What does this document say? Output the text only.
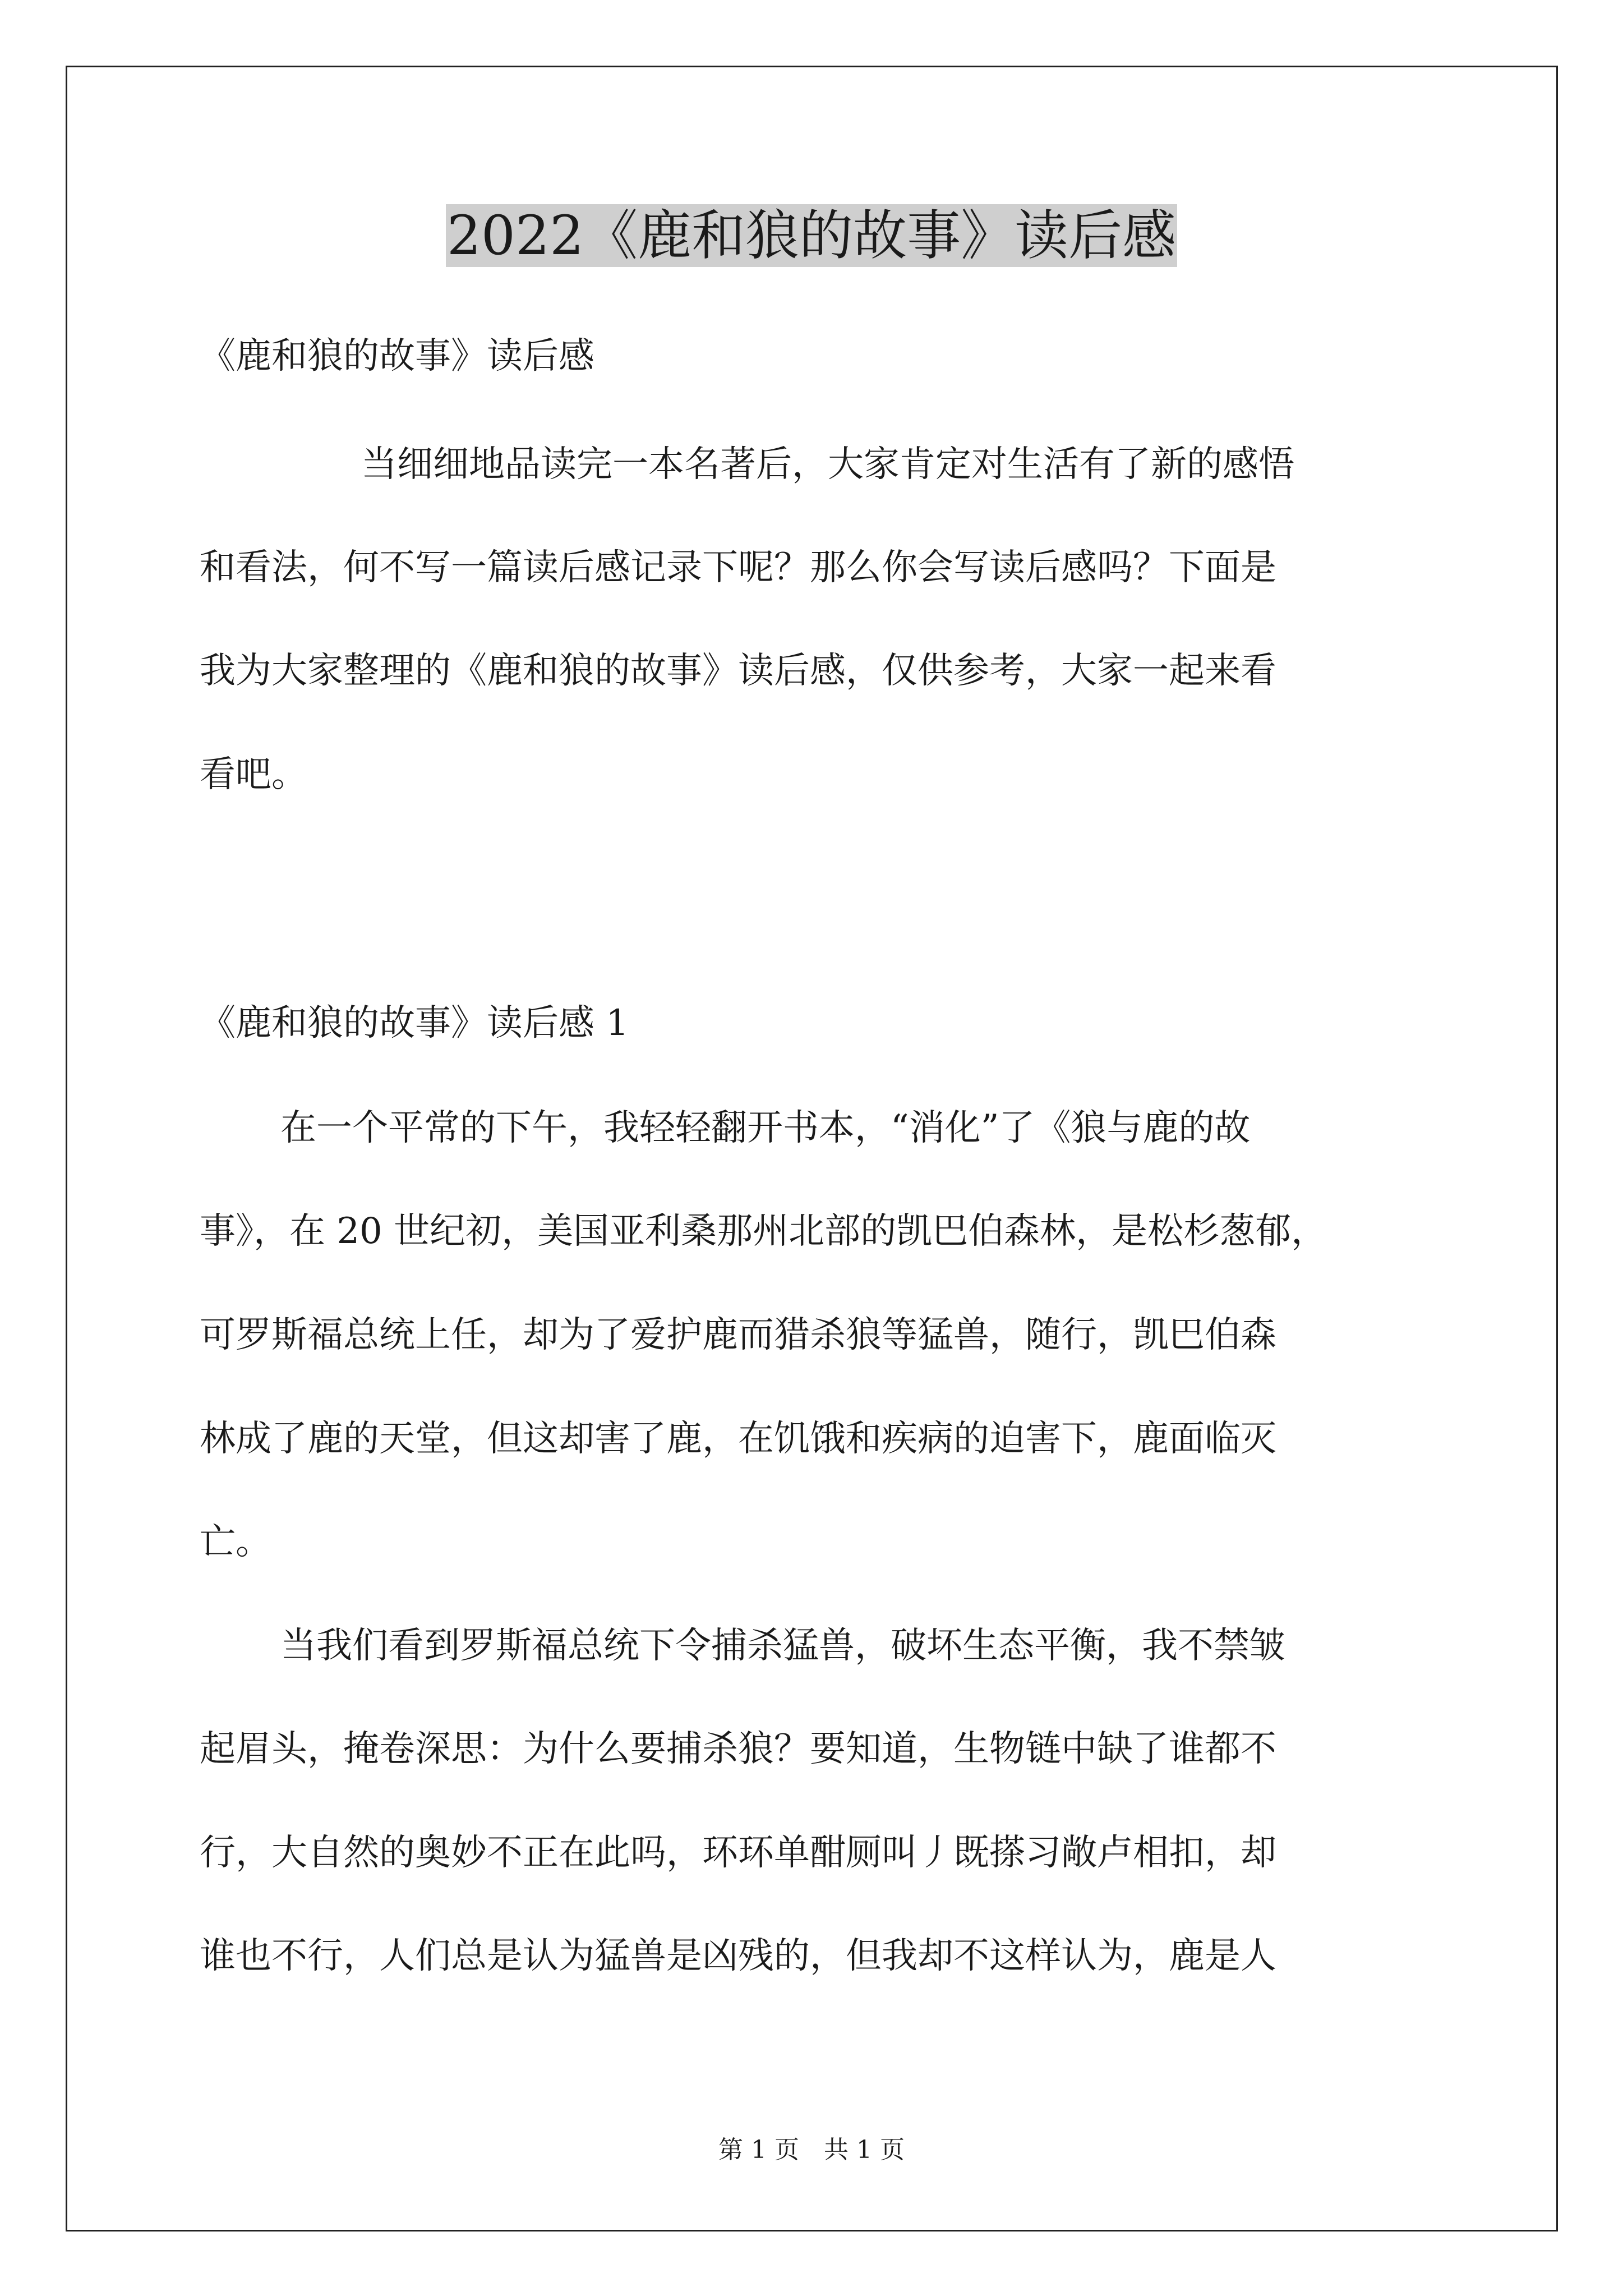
2022《鹿和狼的故事》读后感
《鹿和狼的故事》读后感
当细细地品读完一本名著后，大家肯定对生活有了新的感悟
和看法，何不写一篇读后感记录下呢？那么你会写读后感吗？下面是
我为大家整理的《鹿和狼的故事》读后感，仅供参考，大家一起来看
看吧。
《鹿和狼的故事》读后感 1
在一个平常的下午，我轻轻翻开书本，“消化”了《狼与鹿的故
事》，在 20 世纪初，美国亚利桑那州北部的凯巴伯森林，是松杉葱郁，
可罗斯福总统上任，却为了爱护鹿而猎杀狼等猛兽，随行，凯巴伯森
林成了鹿的天堂，但这却害了鹿，在饥饿和疾病的迫害下，鹿面临灭
亡。
当我们看到罗斯福总统下令捕杀猛兽，破坏生态平衡，我不禁皱
起眉头，掩卷深思：为什么要捕杀狼？要知道，生物链中缺了谁都不
行，大自然的奥妙不正在此吗，环环单酣厕叫丿既搽习敞卢相扣，却
谁也不行，人们总是认为猛兽是凶残的，但我却不这样认为，鹿是人
第 1 页　共 1 页
